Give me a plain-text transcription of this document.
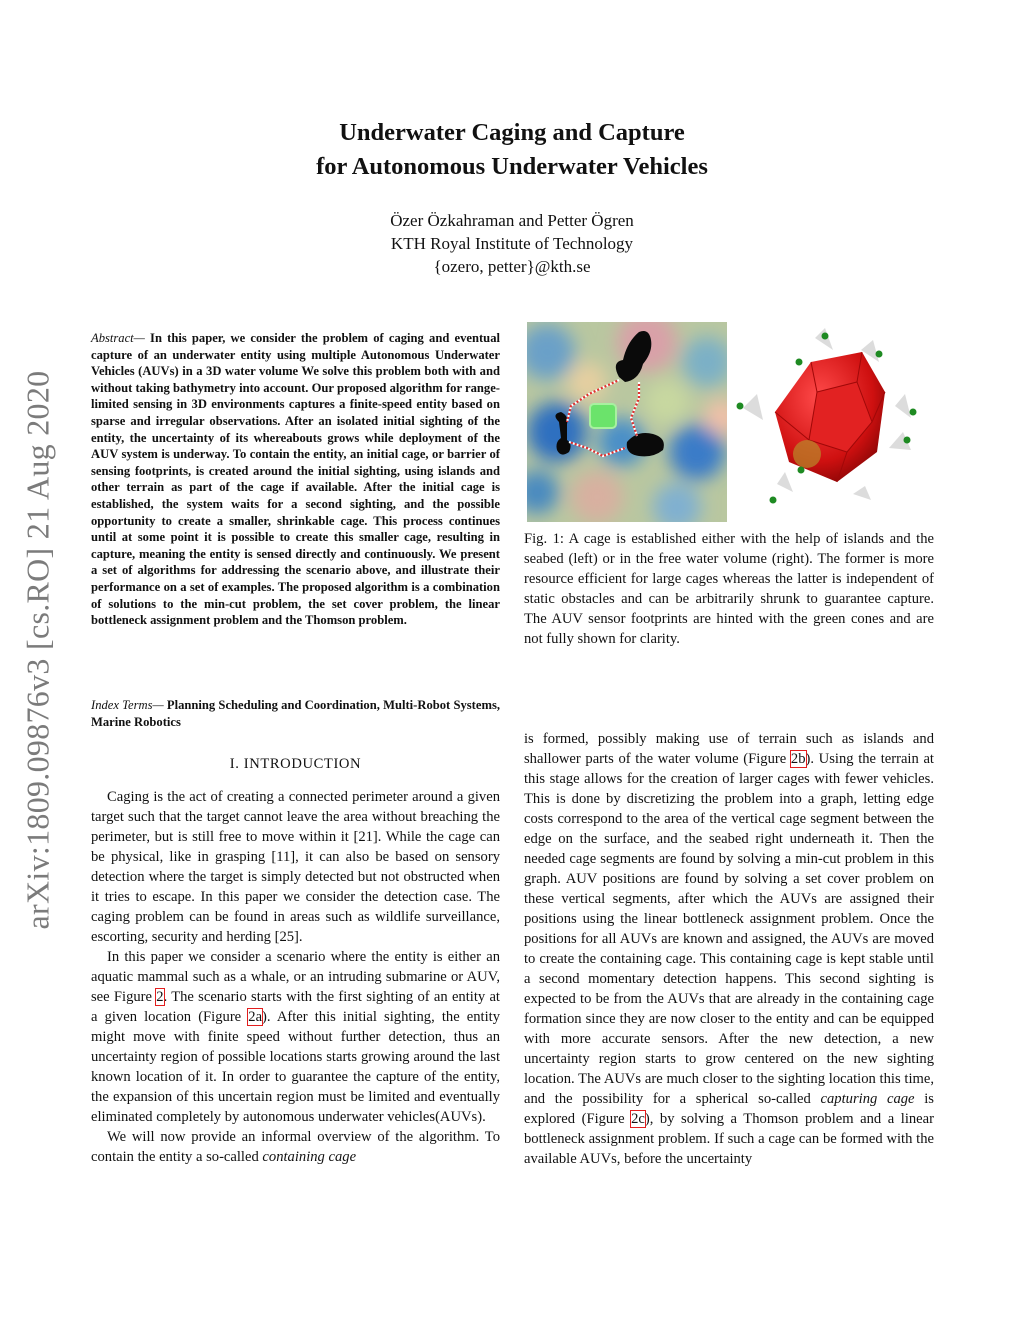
arXiv:1809.09876v3 [cs.RO] 21 Aug 2020
Underwater Caging and Capture
for Autonomous Underwater Vehicles
Özer Özkahraman and Petter Ögren
KTH Royal Institute of Technology
{ozero, petter}@kth.se
Abstract— In this paper, we consider the problem of caging and eventual capture of an underwater entity using multiple Autonomous Underwater Vehicles (AUVs) in a 3D water volume We solve this problem both with and without taking bathymetry into account. Our proposed algorithm for range-limited sensing in 3D environments captures a finite-speed entity based on sparse and irregular observations. After an isolated initial sighting of the entity, the uncertainty of its whereabouts grows while deployment of the AUV system is underway. To contain the entity, an initial cage, or barrier of sensing footprints, is created around the initial sighting, using islands and other terrain as part of the cage if available. After the initial cage is established, the system waits for a second sighting, and the possible opportunity to create a smaller, shrinkable cage. This process continues until at some point it is possible to create this smaller cage, resulting in capture, meaning the entity is sensed directly and continuously. We present a set of algorithms for addressing the scenario above, and illustrate their performance on a set of examples. The proposed algorithm is a combination of solutions to the min-cut problem, the set cover problem, the linear bottleneck assignment problem and the Thomson problem.
Index Terms— Planning Scheduling and Coordination, Multi-Robot Systems, Marine Robotics
I. INTRODUCTION

Caging is the act of creating a connected perimeter around a given target such that the target cannot leave the area without breaching the perimeter, but is still free to move within it [21]. While the cage can be physical, like in grasping [11], it can also be based on sensory detection where the target is simply detected but not obstructed when it tries to escape. In this paper we consider the detection case. The caging problem can be found in areas such as wildlife surveillance, escorting, security and herding [25].

In this paper we consider a scenario where the entity is either an aquatic mammal such as a whale, or an intruding submarine or AUV, see Figure 2. The scenario starts with the first sighting of an entity at a given location (Figure 2a). After this initial sighting, the entity might move with finite speed without further detection, thus an uncertainty region of possible locations starts growing around the last known location of it. In order to guarantee the capture of the entity, the expansion of this uncertain region must be limited and eventually eliminated completely by autonomous underwater vehicles(AUVs).

We will now provide an informal overview of the algorithm. To contain the entity a so-called containing cage

Fig. 1: A cage is established either with the help of islands and the seabed (left) or in the free water volume (right). The former is more resource efficient for large cages whereas the latter is independent of static obstacles and can be arbitrarily shrunk to guarantee capture. The AUV sensor footprints are hinted with the green cones and are not fully shown for clarity.

is formed, possibly making use of terrain such as islands and shallower parts of the water volume (Figure 2b). Using the terrain at this stage allows for the creation of larger cages with fewer vehicles. This is done by discretizing the problem into a graph, letting edge costs correspond to the area of the vertical cage segment between the edge on the surface, and the seabed right underneath it. Then the needed cage segments are found by solving a min-cut problem in this graph. AUV positions are found by solving a set cover problem on these vertical segments, after which the AUVs are assigned their positions using the linear bottleneck assignment problem. Once the positions for all AUVs are known and assigned, the AUVs are moved to create the containing cage. This containing cage is kept stable until a second momentary detection happens. This second sighting is expected to be from the AUVs that are already in the containing cage formation since they are now closer to the entity and can be equipped with more accurate sensors. After the new detection, a new uncertainty region starts to grow centered on the new sighting location. The AUVs are much closer to the sighting location this time, and the possibility for a spherical so-called capturing cage is explored (Figure 2c), by solving a Thomson problem and a linear bottleneck assignment problem. If such a cage can be formed with the available AUVs, before the uncertainty
